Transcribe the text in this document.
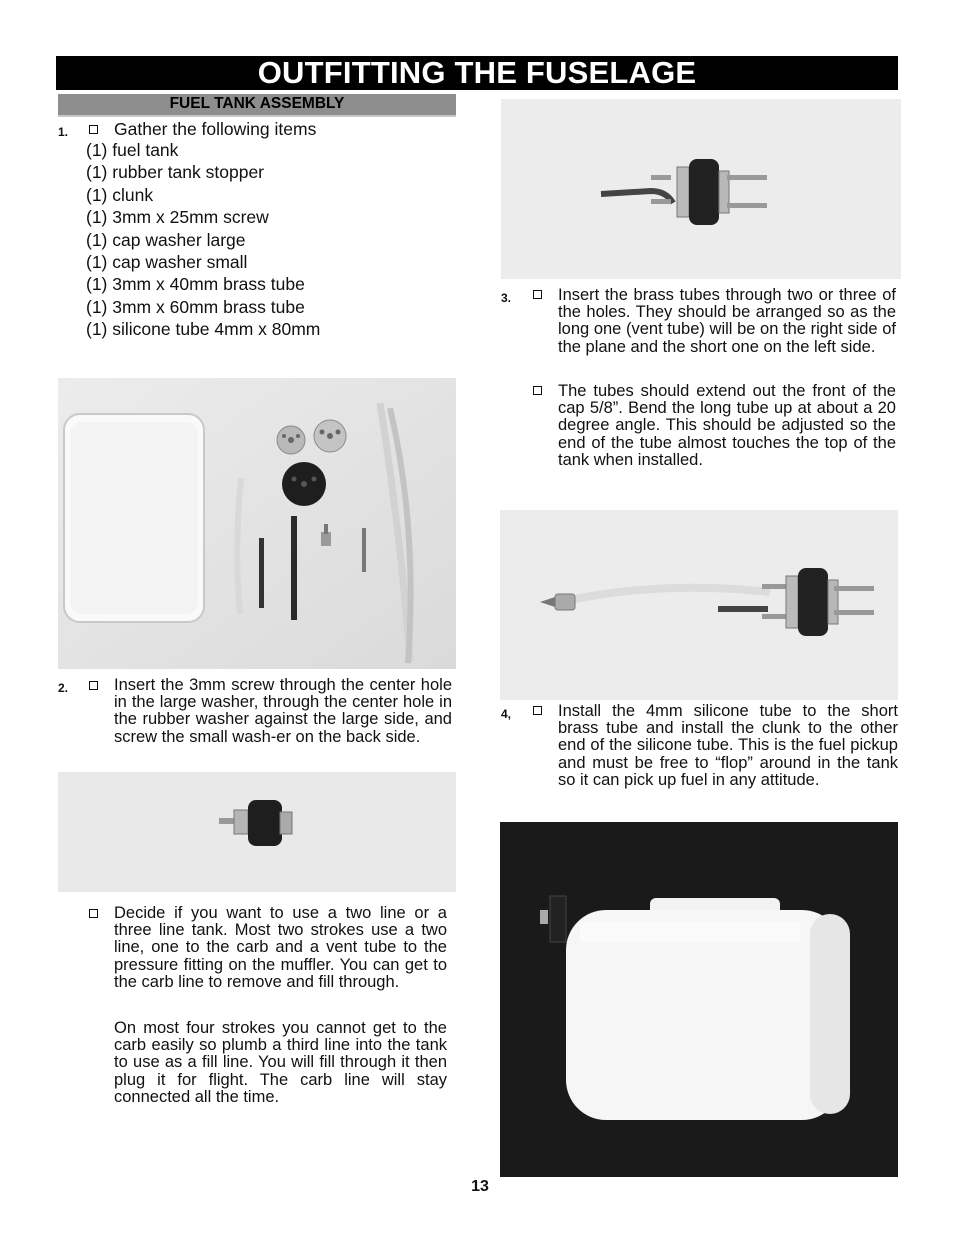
OUTFITTING THE FUSELAGE
FUEL TANK ASSEMBLY
1.	Gather the following items
(1) fuel tank
(1) rubber tank stopper
(1) clunk
(1) 3mm x 25mm screw
(1) cap washer large
(1) cap washer small
(1) 3mm x 40mm brass tube
(1) 3mm x 60mm brass tube
(1) silicone tube 4mm x 80mm
2.	Insert the 3mm screw through the center hole in the large washer, through the center hole in the rubber washer against the large side, and screw the small wash-er on the back side.
Decide if you want to use a two line or a three line tank. Most two strokes use a two line, one to the carb and a vent tube to the pressure fitting on the muffler. You can get to the carb line to remove and fill through.
On most four strokes you cannot get to the carb easily so plumb a third line into the tank to use as a fill line. You will fill through it then plug it for flight. The carb line will stay connected all the time.
3.	Insert the brass tubes through two or three of the holes. They should be arranged so as the long one (vent tube) will be on the right side of the plane and the short one on the left side.
The tubes should extend out the front of the cap 5/8”. Bend the long tube up at about a 20 degree angle. This should be adjusted so the end of the tube almost touches the top of the tank when installed.
4,	Install the 4mm silicone tube to the short brass tube and install the clunk to the other end of the silicone tube. This is the fuel pickup and must be free to “flop” around in the tank so it can pick up fuel in any attitude.
13
